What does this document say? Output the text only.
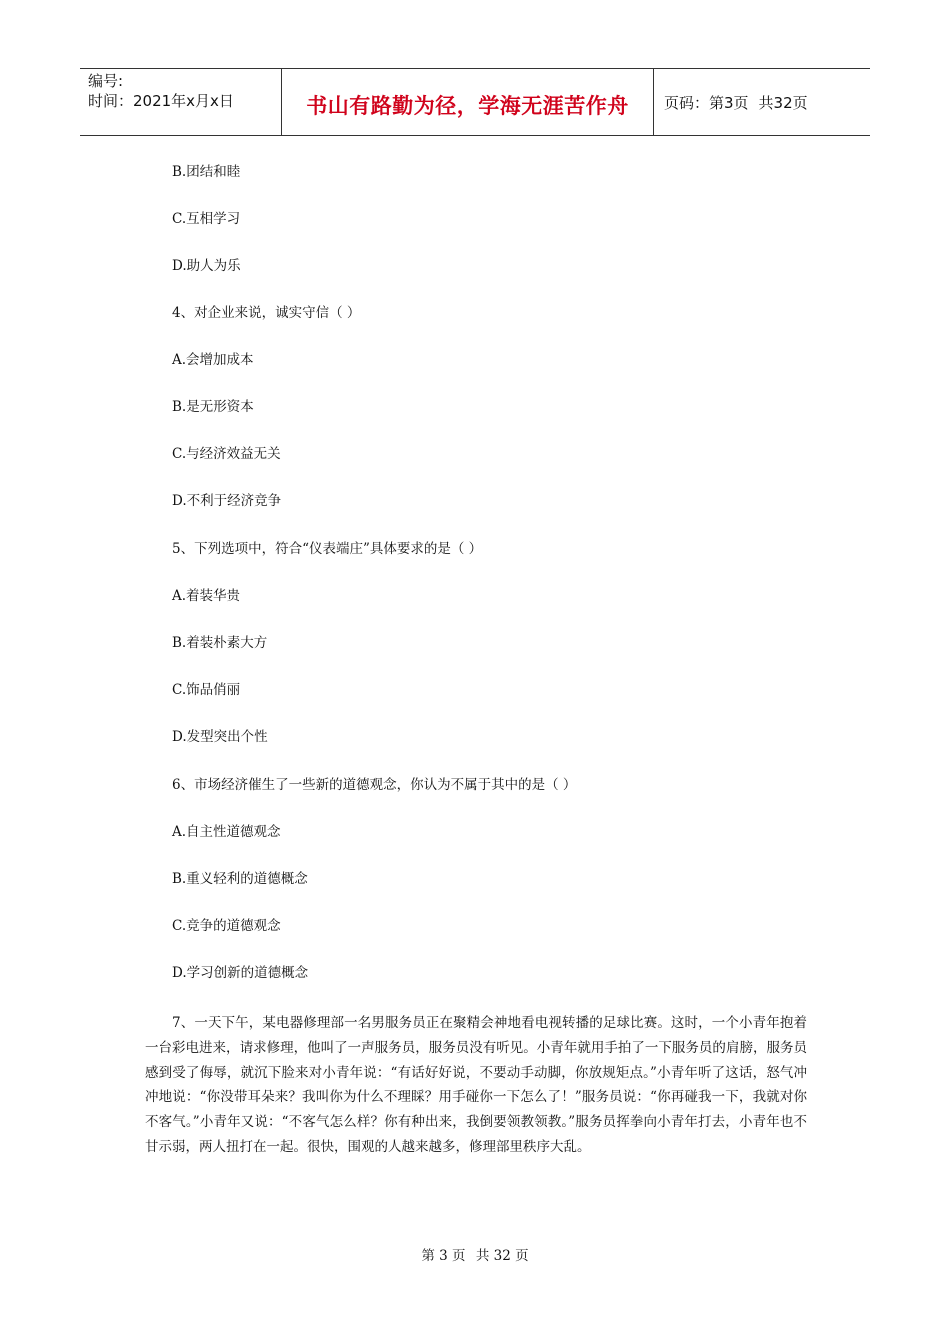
编号:
时间：2021年x月x日	书山有路勤为径，学海无涯苦作舟	页码：第3页 共32页
B.团结和睦
C.互相学习
D.助人为乐
4、对企业来说，诚实守信（ ）
A.会增加成本
B.是无形资本
C.与经济效益无关
D.不利于经济竞争
5、下列选项中，符合“仪表端庄”具体要求的是（ ）
A.着装华贵
B.着装朴素大方
C.饰品俏丽
D.发型突出个性
6、市场经济催生了一些新的道德观念，你认为不属于其中的是（ ）
A.自主性道德观念
B.重义轻利的道德概念
C.竞争的道德观念
D.学习创新的道德概念
7、一天下午，某电器修理部一名男服务员正在聚精会神地看电视转播的足球比赛。这时，一个小青年抱着一台彩电进来，请求修理，他叫了一声服务员，服务员没有听见。小青年就用手拍了一下服务员的肩膀，服务员感到受了侮辱，就沉下脸来对小青年说：“有话好好说，不要动手动脚，你放规矩点。”小青年听了这话，怒气冲冲地说：“你没带耳朵来？我叫你为什么不理睬？用手碰你一下怎么了！”服务员说：“你再碰我一下，我就对你不客气。”小青年又说：“不客气怎么样？你有种出来，我倒要领教领教。”服务员挥拳向小青年打去，小青年也不甘示弱，两人扭打在一起。很快，围观的人越来越多，修理部里秩序大乱。
第 3 页 共 32 页
